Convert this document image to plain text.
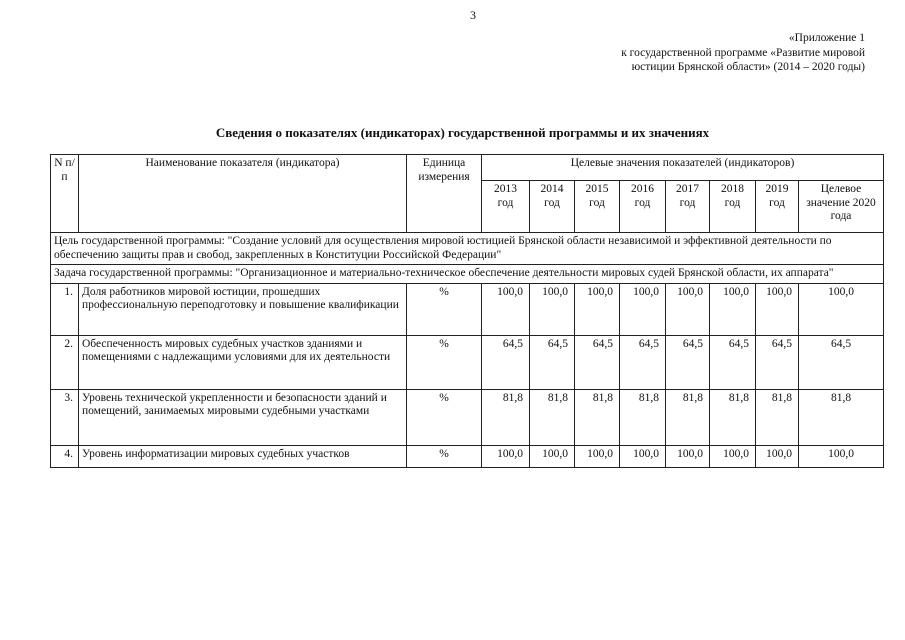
3
«Приложение 1
к государственной программе «Развитие мировой
юстиции Брянской области» (2014 – 2020 годы)
Сведения о показателях (индикаторах) государственной программы и их значениях
N п/п	Наименование показателя (индикатора)	Единица измерения	Целевые значения показателей (индикаторов)							
			2013 год	2014 год	2015 год	2016 год	2017 год	2018 год	2019 год	Целевое значение 2020 года
Цель государственной программы: "Создание условий для осуществления мировой юстицией Брянской области независимой и эффективной деятельности по обеспечению защиты прав и свобод, закрепленных в Конституции Российской Федерации"										
Задача государственной программы: "Организационное и материально-техническое обеспечение деятельности мировых судей Брянской области, их аппарата"										
1.	Доля работников мировой юстиции, прошедших профессиональную переподготовку и повышение квалификации	%	100,0	100,0	100,0	100,0	100,0	100,0	100,0	100,0
2.	Обеспеченность мировых судебных участков зданиями и помещениями с надлежащими условиями для их деятельности	%	64,5	64,5	64,5	64,5	64,5	64,5	64,5	64,5
3.	Уровень технической укрепленности и безопасности зданий и помещений, занимаемых мировыми судебными участками	%	81,8	81,8	81,8	81,8	81,8	81,8	81,8	81,8
4.	Уровень информатизации мировых судебных участков	%	100,0	100,0	100,0	100,0	100,0	100,0	100,0	100,0
